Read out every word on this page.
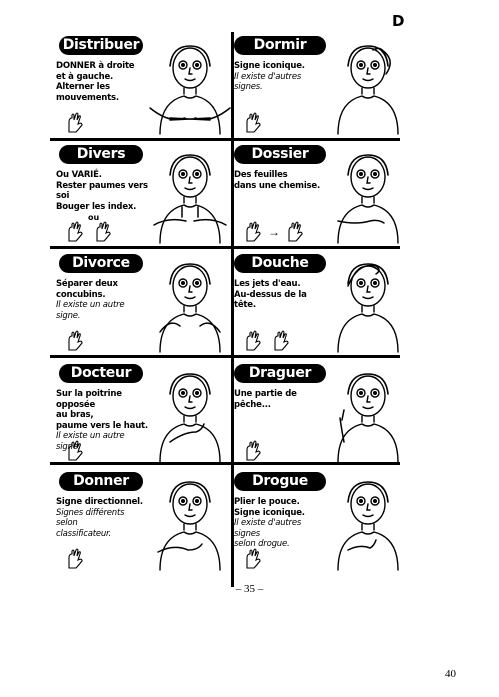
D
Distribuer
DONNER à droite
et à gauche.
Alterner les mouvements.
Dormir
Signe iconique.
Il existe d'autres signes.
Divers
Ou VARIÉ.
Rester paumes vers soi
Bouger les index.
ou
Dossier
Des feuilles
dans une chemise.
→
Divorce
Séparer deux concubins.
Il existe un autre signe.
Douche
Les jets d'eau.
Au-dessus de la tête.
Docteur
Sur la poitrine opposée
au bras,
paume vers le haut.
Il existe un autre signe.
Draguer
Une partie de pêche...
Donner
Signe directionnel.
Signes différents selon
classificateur.
Drogue
Plier le pouce.
Signe iconique.
Il existe d'autres signes
selon drogue.
– 35 –
40
